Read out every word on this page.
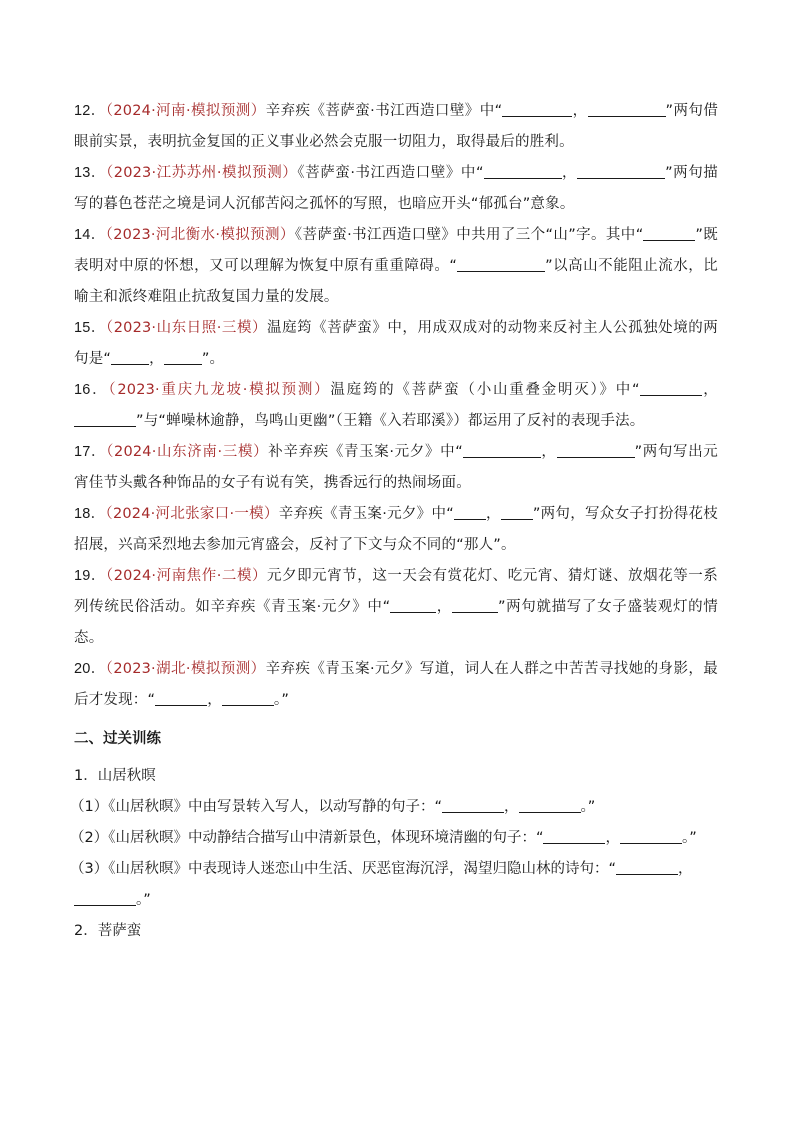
12．（2024·河南·模拟预测）辛弃疾《菩萨蛮·书江西造口壁》中“	，	”两句借眼前实景，表明抗金复国的正义事业必然会克服一切阻力，取得最后的胜利。

13．（2023·江苏苏州·模拟预测）《菩萨蛮·书江西造口壁》中“	，	”两句描写的暮色苍茫之境是词人沉郁苦闷之孤怀的写照，也暗应开头“郁孤台”意象。

14．（2023·河北衡水·模拟预测）《菩萨蛮·书江西造口壁》中共用了三个“山”字。其中“	”既表明对中原的怀想，又可以理解为恢复中原有重重障碍。“	”以高山不能阻止流水，比喻主和派终难阻止抗敌复国力量的发展。

15．（2023·山东日照·三模）温庭筠《菩萨蛮》中，用成双成对的动物来反衬主人公孤独处境的两句是“	，	”。

16．（2023·重庆九龙坡·模拟预测）温庭筠的《菩萨蛮（小山重叠金明灭）》中“	，”与“蝉噪林逾静，鸟鸣山更幽”（王籍《入若耶溪》）都运用了反衬的表现手法。

17．（2024·山东济南·三模）补辛弃疾《青玉案·元夕》中“	，	”两句写出元宵佳节头戴各种饰品的女子有说有笑，携香远行的热闹场面。

18．（2024·河北张家口·一模）辛弃疾《青玉案·元夕》中“ ， ”两句，写众女子打扮得花枝招展，兴高采烈地去参加元宵盛会，反衬了下文与众不同的“那人”。

19．（2024·河南焦作·二模）元夕即元宵节，这一天会有赏花灯、吃元宵、猜灯谜、放烟花等一系列传统民俗活动。如辛弃疾《青玉案·元夕》中“	，	”两句就描写了女子盛装观灯的情态。

20．（2023·湖北·模拟预测）辛弃疾《青玉案·元夕》写道，词人在人群之中苦苦寻找她的身影，最后才发现：“	，	。”

二、过关训练

1．山居秋暝

（1）《山居秋暝》中由写景转入写人，以动写静的句子：“	，	。”

（2）《山居秋暝》中动静结合描写山中清新景色，体现环境清幽的句子：“	，	。”

（3）《山居秋暝》中表现诗人迷恋山中生活、厌恶宦海沉浮，渴望归隐山林的诗句：“	，。”

2．菩萨蛮
